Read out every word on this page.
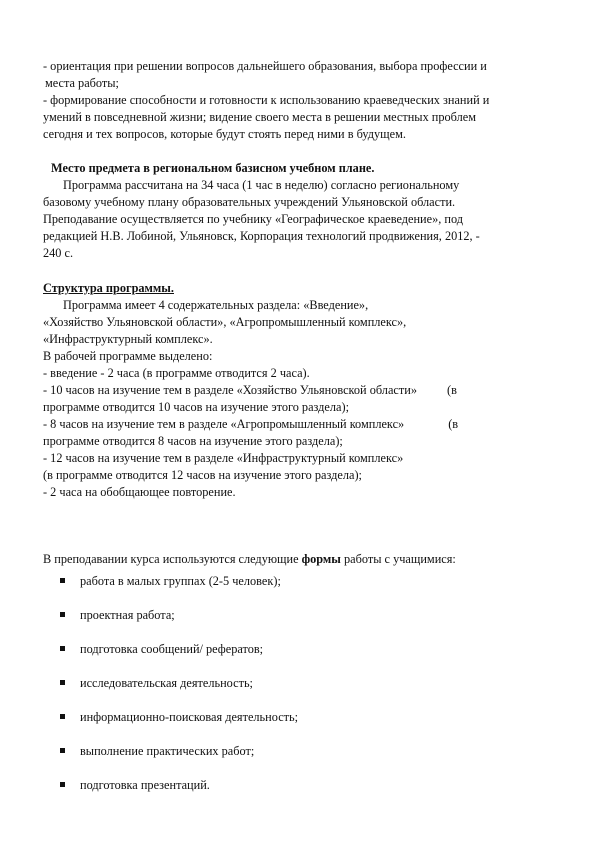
- ориентация при решении вопросов дальнейшего образования, выбора профессии и
места работы;
- формирование способности и готовности к использованию краеведческих знаний и
умений в повседневной жизни; видение своего места в решении местных проблем
сегодня и тех вопросов, которые будут стоять перед ними в будущем.
Место предмета в региональном базисном учебном плане.
Программа рассчитана на 34 часа (1 час в неделю) согласно региональному
базовому учебному плану образовательных учреждений Ульяновской области.
Преподавание осуществляется по учебнику «Географическое краеведение», под
редакцией Н.В. Лобиной, Ульяновск, Корпорация технологий продвижения, 2012, -
240 с.
Структура программы.
Программа имеет 4 содержательных раздела: «Введение»,
«Хозяйство Ульяновской области», «Агропромышленный комплекс»,
«Инфраструктурный комплекс».
В рабочей программе выделено:
- введение - 2 часа (в программе отводится 2 часа).
- 10 часов на изучение тем в разделе «Хозяйство Ульяновской области» (в
программе отводится 10 часов на изучение этого раздела);
- 8 часов на изучение тем в разделе «Агропромышленный комплекс»	(в
программе отводится 8 часов на изучение этого раздела);
- 12 часов на изучение тем в разделе «Инфраструктурный комплекс»
(в программе отводится 12 часов на изучение этого раздела);
- 2 часа на обобщающее повторение.
В преподавании курса используются следующие формы работы с учащимися:
работа в малых группах (2-5 человек);
проектная работа;
подготовка сообщений/ рефератов;
исследовательская деятельность;
информационно-поисковая деятельность;
выполнение практических работ;
подготовка презентаций.
